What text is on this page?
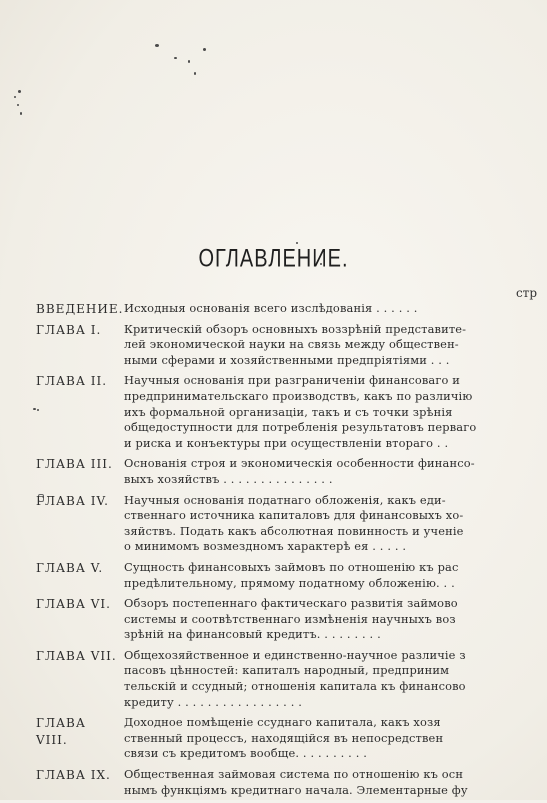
ОГЛАВЛЕНИЕ.
стр
ВВЕДЕНИЕ. Исходныя основанія всего изслѣдованія . . . . . .
ГЛАВА I.	Критическій обзоръ основныхъ воззрѣній представите-
лей экономической науки на связь между обществен-
ными сферами и хозяйственными предпріятіями . . .
ГЛАВА II.	Научныя основанія при разграниченіи финансоваго и
предпринимательскаго производствъ, какъ по различію
ихъ формальной организаціи, такъ и съ точки зрѣнія
общедоступности для потребленія результатовъ перваго
и риска и конъектуры при осуществленіи втораго . .
ГЛАВА III. Основанія строя и экономическія особенности финансо-
выхъ хозяйствъ . . . . . . . . . . . . . . .
ГЛАВА IV.	Научныя основанія податнаго обложенія, какъ еди-
ственнаго источника капиталовъ для финансовыхъ хо-
зяйствъ. Подать какъ абсолютная повинность и ученіе
о минимомъ возмездномъ характерѣ ея . . . . .
ГЛАВА V.	Сущность финансовыхъ займовъ по отношенію къ рас
предѣлительному, прямому податному обложенію. . .
ГЛАВА VI.	Обзоръ постепеннаго фактическаго развитія займово
системы и соотвѣтственнаго измѣненія научныхъ воз
зрѣній на финансовый кредитъ. . . . . . . . .
ГЛАВА VII. Общехозяйственное и единственно-научное различіе з
пасовъ цѣнностей: капиталъ народный, предприним
тельскій и ссудный; отношенія капитала къ финансово
кредиту . . . . . . . . . . . . . . . . .
ГЛАВА VIII.
Доходное помѣщеніе ссуднаго капитала, какъ хозя
ственный процессъ, находящійся въ непосредствен
связи съ кредитомъ вообще. . . . . . . . . .
ГЛАВА IX.	Общественная займовая система по отношенію къ осн
нымъ функціямъ кредитнаго начала. Элементарные фу
